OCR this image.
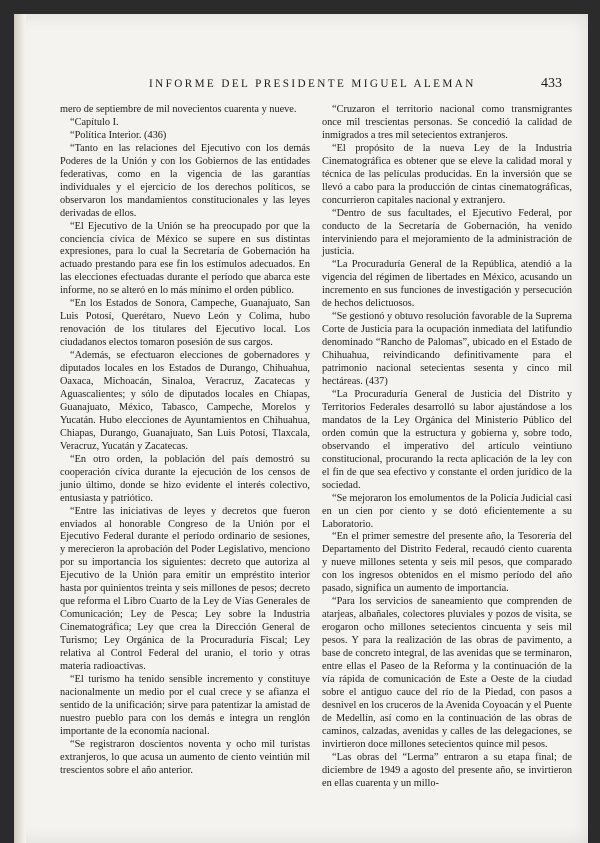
INFORME DEL PRESIDENTE MIGUEL ALEMAN	433

mero de septiembre de mil novecientos cuarenta y nueve.

“Capítulo I.

“Política Interior. (436)

“Tanto en las relaciones del Ejecutivo con los demás Poderes de la Unión y con los Gobiernos de las entidades federativas, como en la vigencia de las garantías individuales y el ejercicio de los derechos políticos, se observaron los mandamientos constitucionales y las leyes derivadas de ellos.

“El Ejecutivo de la Unión se ha preocupado por que la conciencia cívica de México se supere en sus distintas expresiones, para lo cual la Secretaría de Gobernación ha actuado prestando para ese fin los estímulos adecuados. En las elecciones efectuadas durante el período que abarca este informe, no se alteró en lo más mínimo el orden público.

“En los Estados de Sonora, Campeche, Guanajuato, San Luis Potosí, Querétaro, Nuevo León y Colima, hubo renovación de los titulares del Ejecutivo local. Los ciudadanos electos tomaron posesión de sus cargos.

“Además, se efectuaron elecciones de gobernadores y diputados locales en los Estados de Durango, Chihuahua, Oaxaca, Michoacán, Sinaloa, Veracruz, Zacatecas y Aguascalientes; y sólo de diputados locales en Chiapas, Guanajuato, México, Tabasco, Campeche, Morelos y Yucatán. Hubo elecciones de Ayuntamientos en Chihuahua, Chiapas, Durango, Guanajuato, San Luis Potosí, Tlaxcala, Veracruz, Yucatán y Zacatecas.

“En otro orden, la población del país demostró su cooperación cívica durante la ejecución de los censos de junio último, donde se hizo evidente el interés colectivo, entusiasta y patriótico.

“Entre las iniciativas de leyes y decretos que fueron enviados al honorable Congreso de la Unión por el Ejecutivo Federal durante el período ordinario de sesiones, y merecieron la aprobación del Poder Legislativo, menciono por su importancia los siguientes: decreto que autoriza al Ejecutivo de la Unión para emitir un empréstito interior hasta por quinientos treinta y seis millones de pesos; decreto que reforma el Libro Cuarto de la Ley de Vías Generales de Comunicación; Ley de Pesca; Ley sobre la Industria Cinematográfica; Ley que crea la Dirección General de Turismo; Ley Orgánica de la Procuraduría Fiscal; Ley relativa al Control Federal del uranio, el torio y otras materia radioactivas.

“El turismo ha tenido sensible incremento y constituye nacionalmente un medio por el cual crece y se afianza el sentido de la unificación; sirve para patentizar la amistad de nuestro pueblo para con los demás e integra un renglón importante de la economía nacional.

“Se registraron doscientos noventa y ocho mil turistas extranjeros, lo que acusa un aumento de ciento veintiún mil trescientos sobre el año anterior.

“Cruzaron el territorio nacional como transmigrantes once mil trescientas personas. Se concedió la calidad de inmigrados a tres mil setecientos extranjeros.

“El propósito de la nueva Ley de la Industria Cinematográfica es obtener que se eleve la calidad moral y técnica de las películas producidas. En la inversión que se llevó a cabo para la producción de cintas cinematográficas, concurrieron capitales nacional y extranjero.

“Dentro de sus facultades, el Ejecutivo Federal, por conducto de la Secretaría de Gobernación, ha venido interviniendo para el mejoramiento de la administración de justicia.

“La Procuraduría General de la República, atendió a la vigencia del régimen de libertades en México, acusando un incremento en sus funciones de investigación y persecución de hechos delictuosos.

“Se gestionó y obtuvo resolución favorable de la Suprema Corte de Justicia para la ocupación inmediata del latifundio denominado “Rancho de Palomas”, ubicado en el Estado de Chihuahua, reivindicando definitivamente para el patrimonio nacional setecientas sesenta y cinco mil hectáreas. (437)

“La Procuraduría General de Justicia del Distrito y Territorios Federales desarrolló su labor ajustándose a los mandatos de la Ley Orgánica del Ministerio Público del orden común que la estructura y gobierna y, sobre todo, observando el imperativo del artículo veintiuno constitucional, procurando la recta aplicación de la ley con el fin de que sea efectivo y constante el orden jurídico de la sociedad.

“Se mejoraron los emolumentos de la Policía Judicial casi en un cien por ciento y se dotó eficientemente a su Laboratorio.

“En el primer semestre del presente año, la Tesorería del Departamento del Distrito Federal, recaudó ciento cuarenta y nueve millones setenta y seis mil pesos, que comparado con los ingresos obtenidos en el mismo período del año pasado, significa un aumento de importancia.

“Para los servicios de saneamiento que comprenden de atarjeas, albañales, colectores pluviales y pozos de visita, se erogaron ocho millones setecientos cincuenta y seis mil pesos. Y para la realización de las obras de pavimento, a base de concreto integral, de las avenidas que se terminaron, entre ellas el Paseo de la Reforma y la continuación de la vía rápida de comunicación de Este a Oeste de la ciudad sobre el antiguo cauce del río de la Piedad, con pasos a desnivel en los cruceros de la Avenida Coyoacán y el Puente de Medellín, así como en la continuación de las obras de caminos, calzadas, avenidas y calles de las delegaciones, se invirtieron doce millones setecientos quince mil pesos.

“Las obras del “Lerma” entraron a su etapa final; de diciembre de 1949 a agosto del presente año, se invirtieron en ellas cuarenta y un millo-
